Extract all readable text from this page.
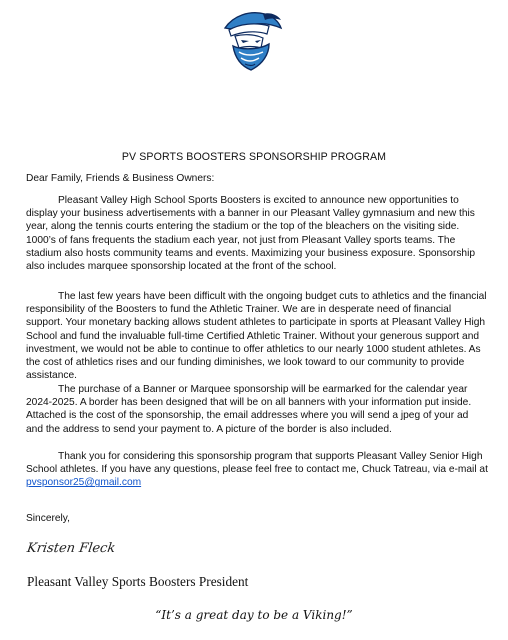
PV SPORTS BOOSTERS SPONSORSHIP PROGRAM
Dear Family, Friends & Business Owners:
Pleasant Valley High School Sports Boosters is excited to announce new opportunities to display your business advertisements with a banner in our Pleasant Valley gymnasium and new this year, along the tennis courts entering the stadium or the top of the bleachers on the visiting side. 1000’s of fans frequents the stadium each year, not just from Pleasant Valley sports teams. The stadium also hosts community teams and events. Maximizing your business exposure. Sponsorship also includes marquee sponsorship located at the front of the school.
The last few years have been difficult with the ongoing budget cuts to athletics and the financial responsibility of the Boosters to fund the Athletic Trainer. We are in desperate need of financial support. Your monetary backing allows student athletes to participate in sports at Pleasant Valley High School and fund the invaluable full-time Certified Athletic Trainer. Without your generous support and investment, we would not be able to continue to offer athletics to our nearly 1000 student athletes. As the cost of athletics rises and our funding diminishes, we look toward to our community to provide assistance.
The purchase of a Banner or Marquee sponsorship will be earmarked for the calendar year 2024-2025. A border has been designed that will be on all banners with your information put inside. Attached is the cost of the sponsorship, the email addresses where you will send a jpeg of your ad and the address to send your payment to. A picture of the border is also included.
Thank you for considering this sponsorship program that supports Pleasant Valley Senior High School athletes. If you have any questions, please feel free to contact me, Chuck Tatreau, via e-mail at pvsponsor25@gmail.com
Sincerely,
Kristen Fleck
Pleasant Valley Sports Boosters President
“It’s a great day to be a Viking!”
